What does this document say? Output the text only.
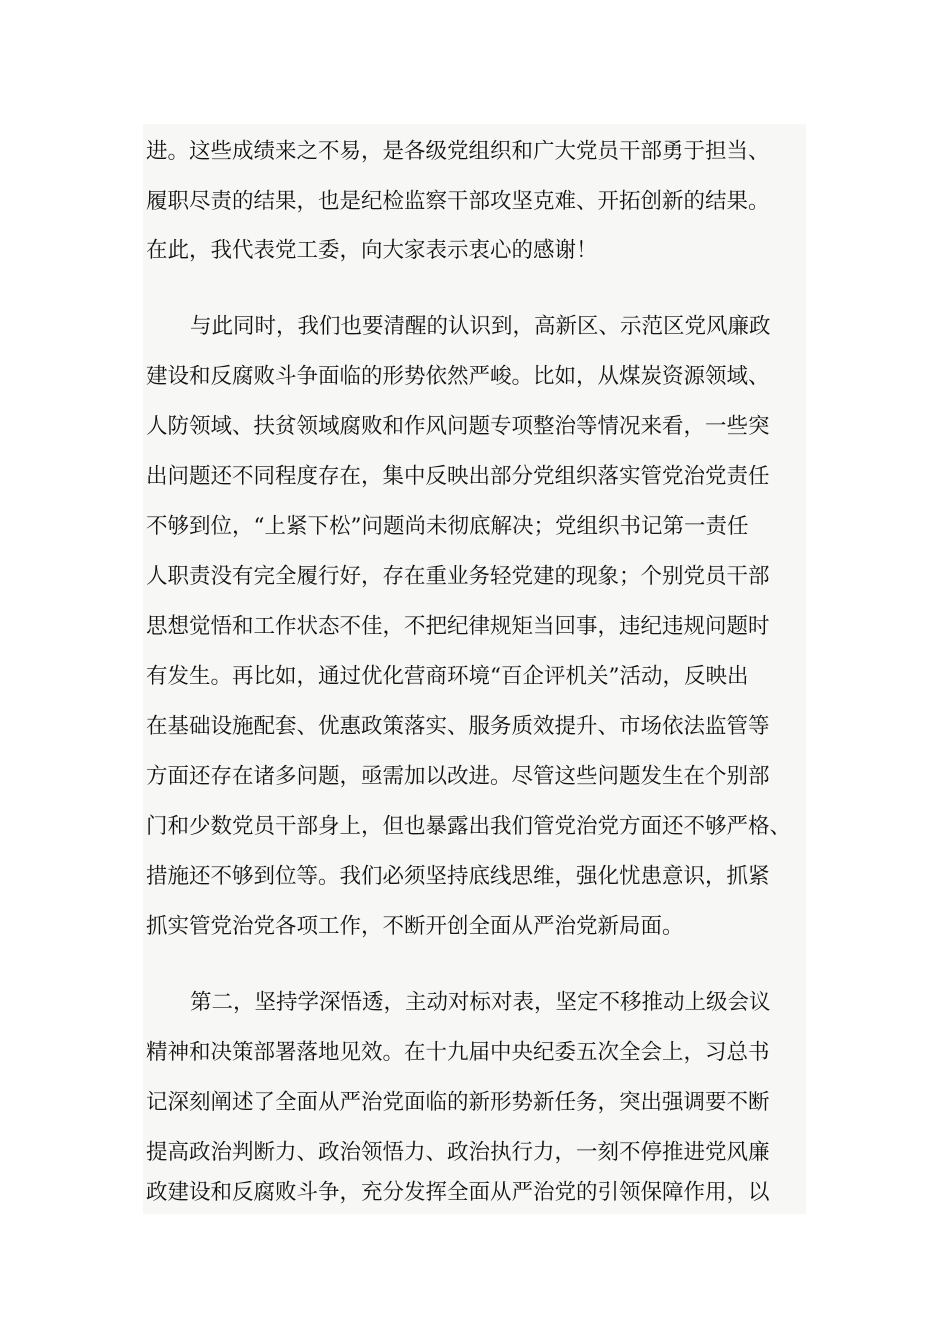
进。这些成绩来之不易，是各级党组织和广大党员干部勇于担当、
履职尽责的结果，也是纪检监察干部攻坚克难、开拓创新的结果。
在此，我代表党工委，向大家表示衷心的感谢！
与此同时，我们也要清醒的认识到，高新区、示范区党风廉政
建设和反腐败斗争面临的形势依然严峻。比如，从煤炭资源领域、
人防领域、扶贫领域腐败和作风问题专项整治等情况来看，一些突
出问题还不同程度存在，集中反映出部分党组织落实管党治党责任
不够到位，“上紧下松”问题尚未彻底解决；党组织书记第一责任
人职责没有完全履行好，存在重业务轻党建的现象；个别党员干部
思想觉悟和工作状态不佳，不把纪律规矩当回事，违纪违规问题时
有发生。再比如，通过优化营商环境“百企评机关”活动，反映出
在基础设施配套、优惠政策落实、服务质效提升、市场依法监管等
方面还存在诸多问题，亟需加以改进。尽管这些问题发生在个别部
门和少数党员干部身上，但也暴露出我们管党治党方面还不够严格、
措施还不够到位等。我们必须坚持底线思维，强化忧患意识，抓紧
抓实管党治党各项工作，不断开创全面从严治党新局面。
第二，坚持学深悟透，主动对标对表，坚定不移推动上级会议
精神和决策部署落地见效。在十九届中央纪委五次全会上，习总书
记深刻阐述了全面从严治党面临的新形势新任务，突出强调要不断
提高政治判断力、政治领悟力、政治执行力，一刻不停推进党风廉
政建设和反腐败斗争，充分发挥全面从严治党的引领保障作用，以
